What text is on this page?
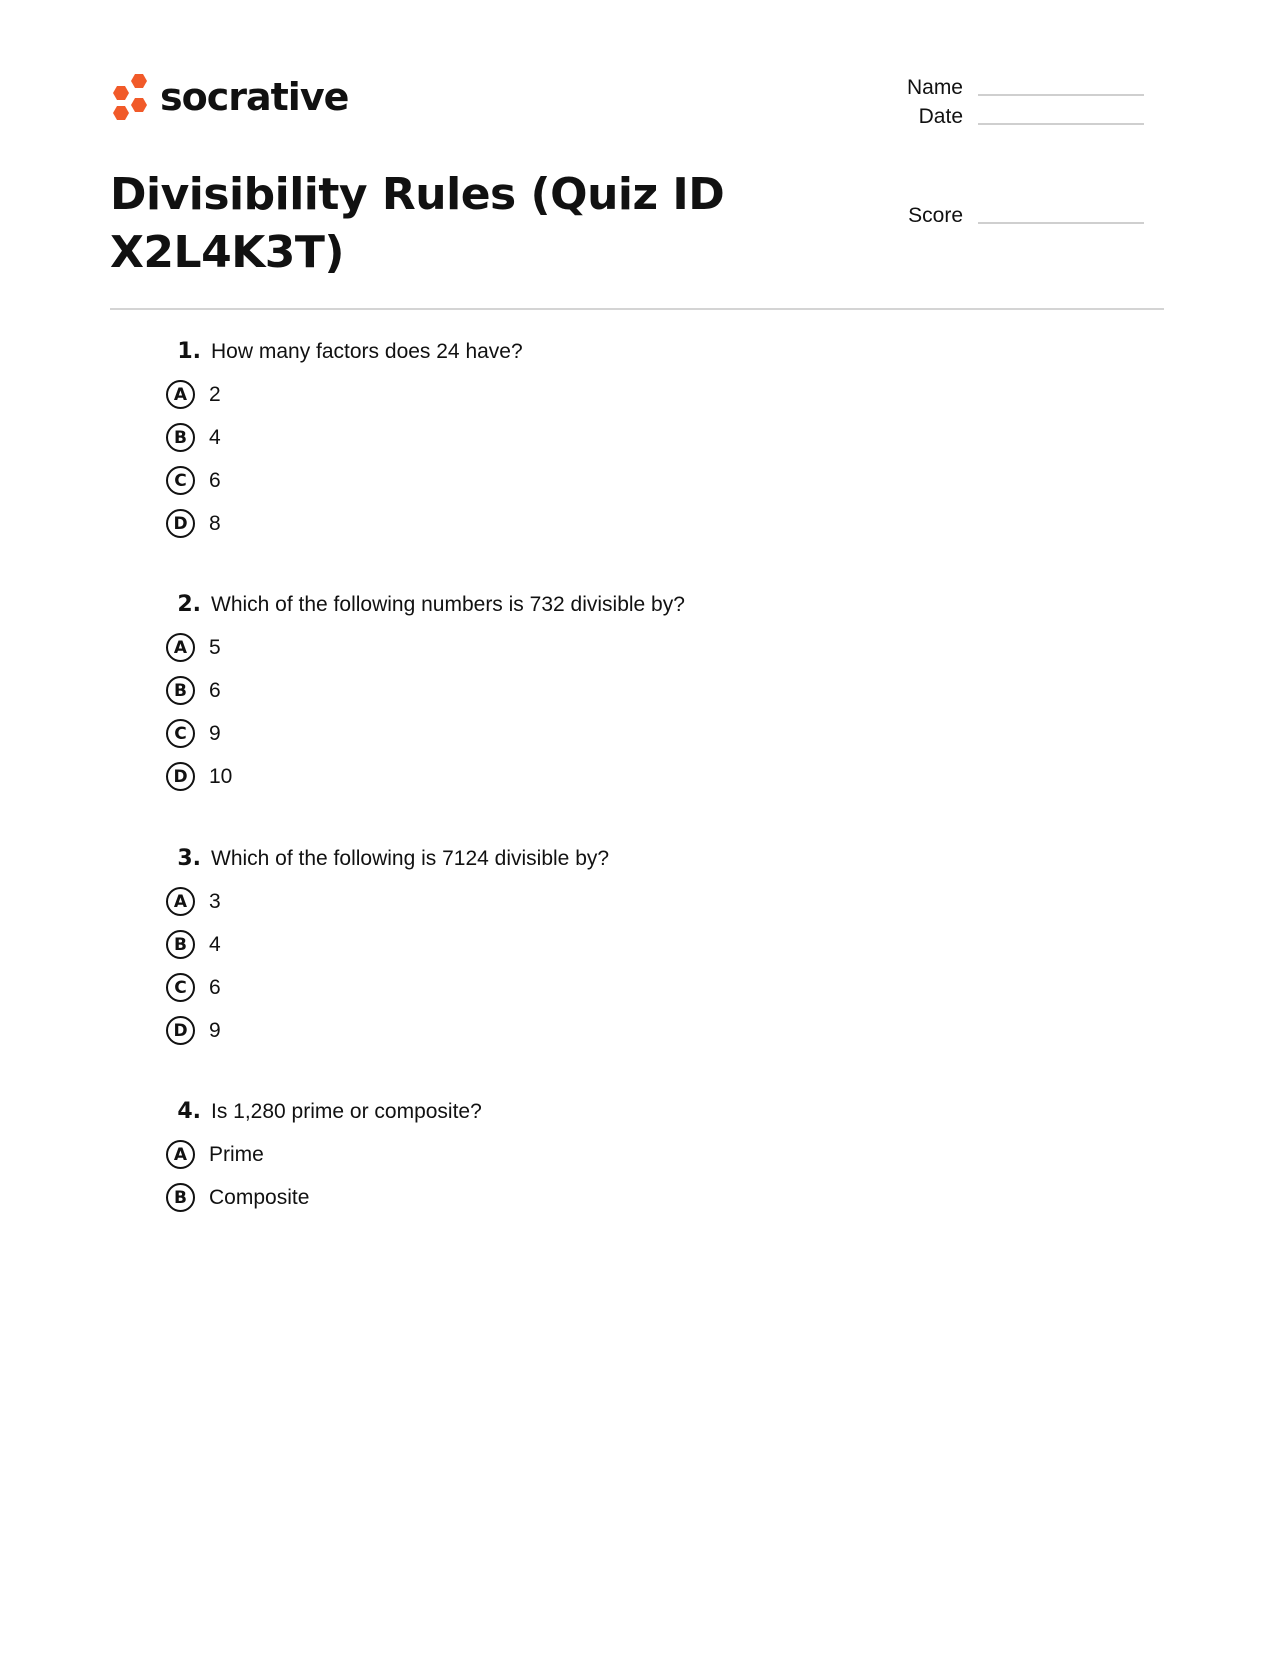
socrative
Divisibility Rules (Quiz ID X2L4K3T)
Name
Date
Score
1. How many factors does 24 have?
A	2
B	4
C	6
D	8
2. Which of the following numbers is 732 divisible by?
A	5
B	6
C	9
D	10
3. Which of the following is 7124 divisible by?
A	3
B	4
C	6
D	9
4. Is 1,280 prime or composite?
A	Prime
B	Composite
